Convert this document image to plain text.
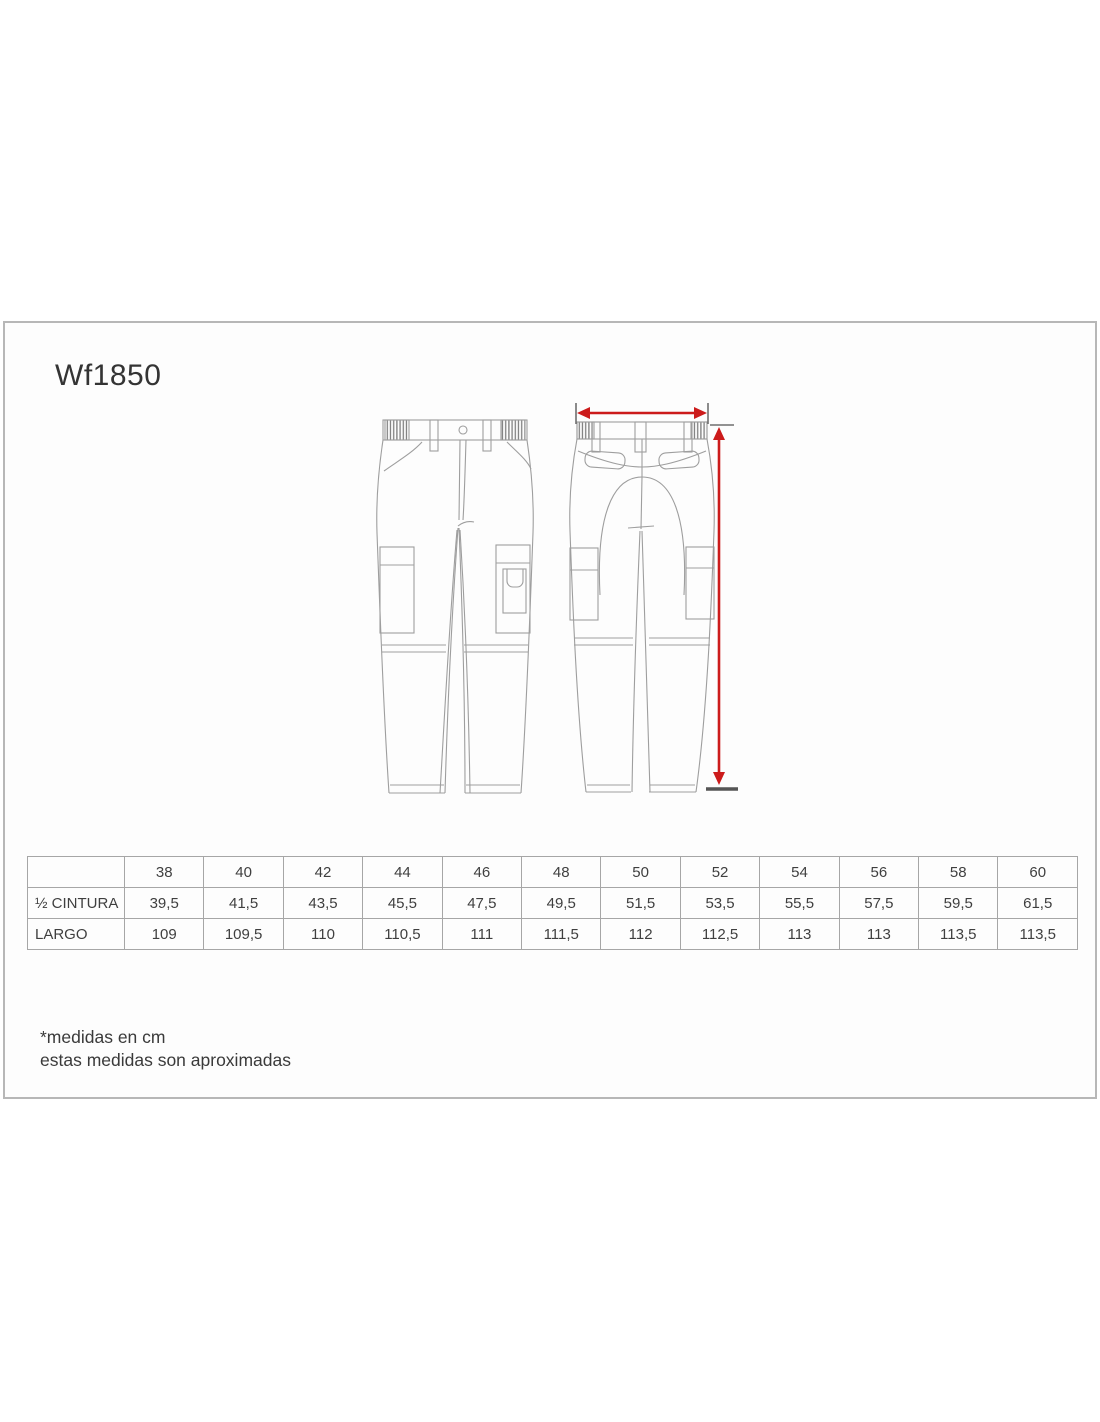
Wf1850
	38	40	42	44	46	48	50	52	54	56	58	60
½ CINTURA	39,5	41,5	43,5	45,5	47,5	49,5	51,5	53,5	55,5	57,5	59,5	61,5
LARGO	109	109,5	110	110,5	111	111,5	112	112,5	113	113	113,5	113,5
*medidas en cm
estas medidas son aproximadas
